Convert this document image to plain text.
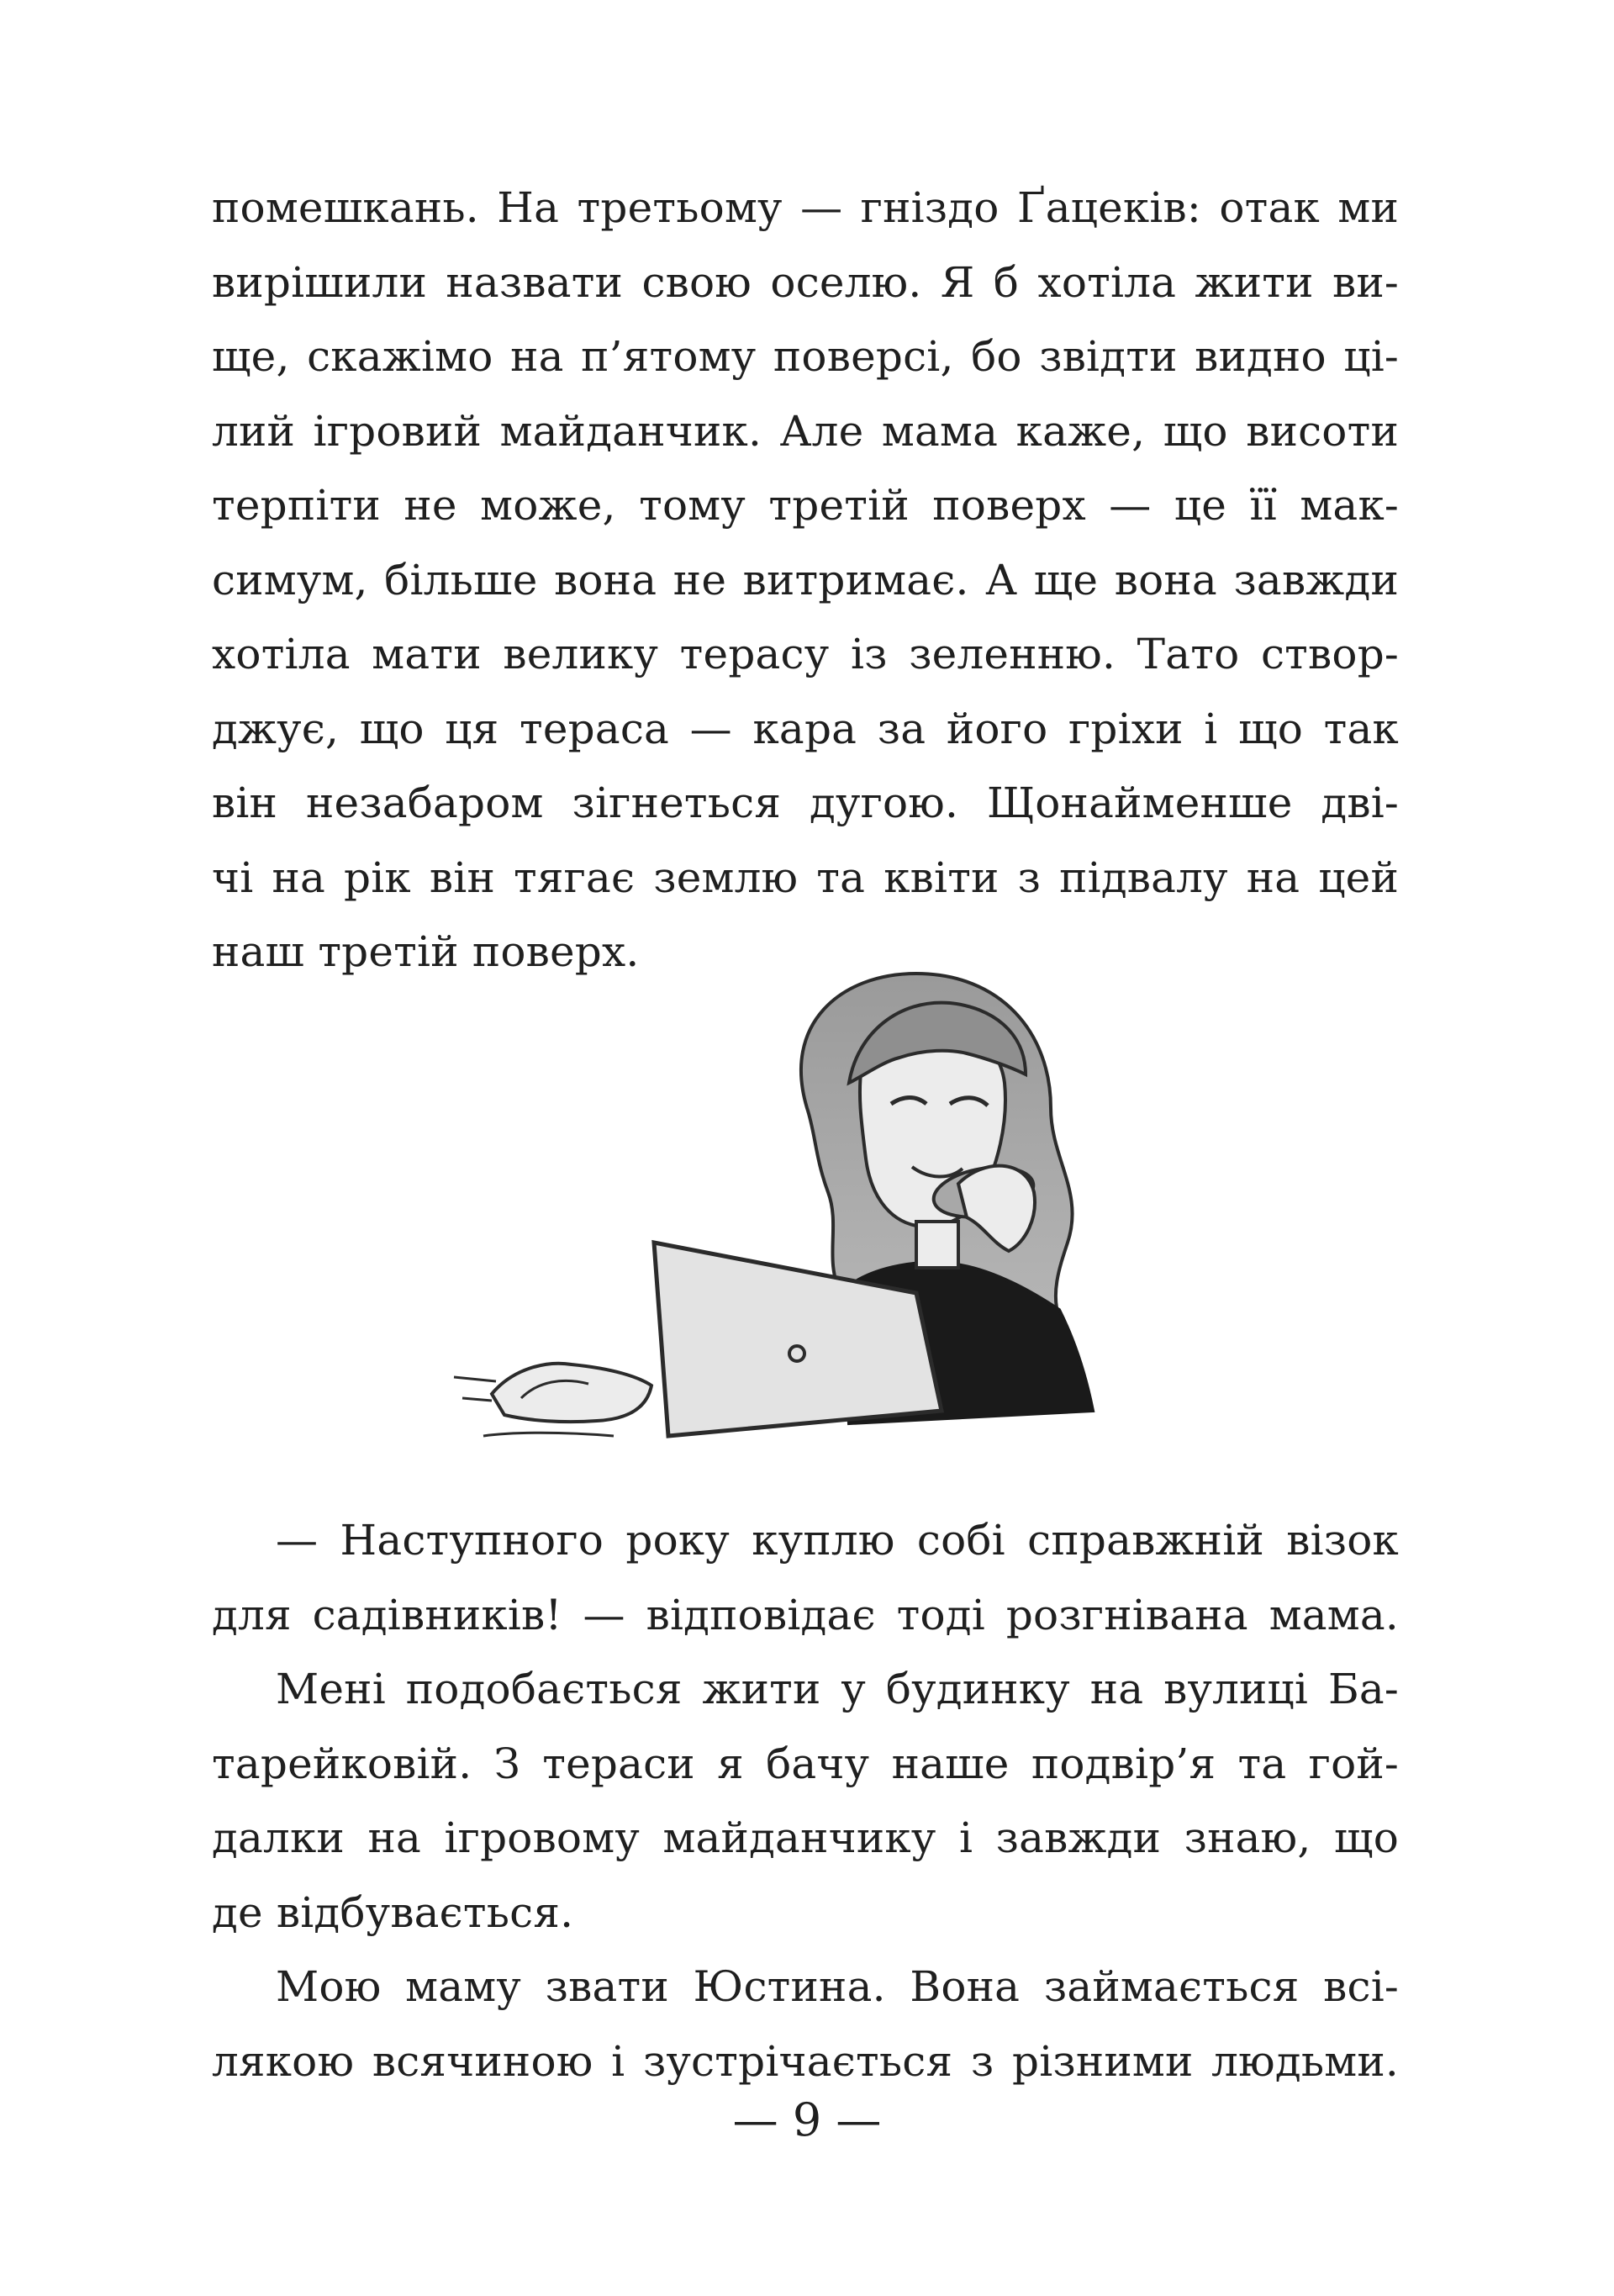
помешкань. На третьому — гніздо Ґацеків: отак ми
вирішили назвати свою оселю. Я б хотіла жити ви-
ще, скажімо на п’ятому поверсі, бо звідти видно ці-
лий ігровий майданчик. Але мама каже, що висоти
терпіти не може, тому третій поверх — це її мак-
симум, більше вона не витримає. А ще вона завжди
хотіла мати велику терасу із зеленню. Тато створ-
джує, що ця тераса — кара за його гріхи і що так
він незабаром зігнеться дугою. Щонайменше дві-
чі на рік він тягає землю та квіти з підвалу на цей
наш третій поверх.
— Наступного року куплю собі справжній візок
для садівників! — відповідає тоді розгнівана мама.
Мені подобається жити у будинку на вулиці Ба-
тарейковій. З тераси я бачу наше подвір’я та гой-
далки на ігровому майданчику і завжди знаю, що
де відбувається.
Мою маму звати Юстина. Вона займається всі-
лякою всячиною і зустрічається з різними людьми.
— 9 —
